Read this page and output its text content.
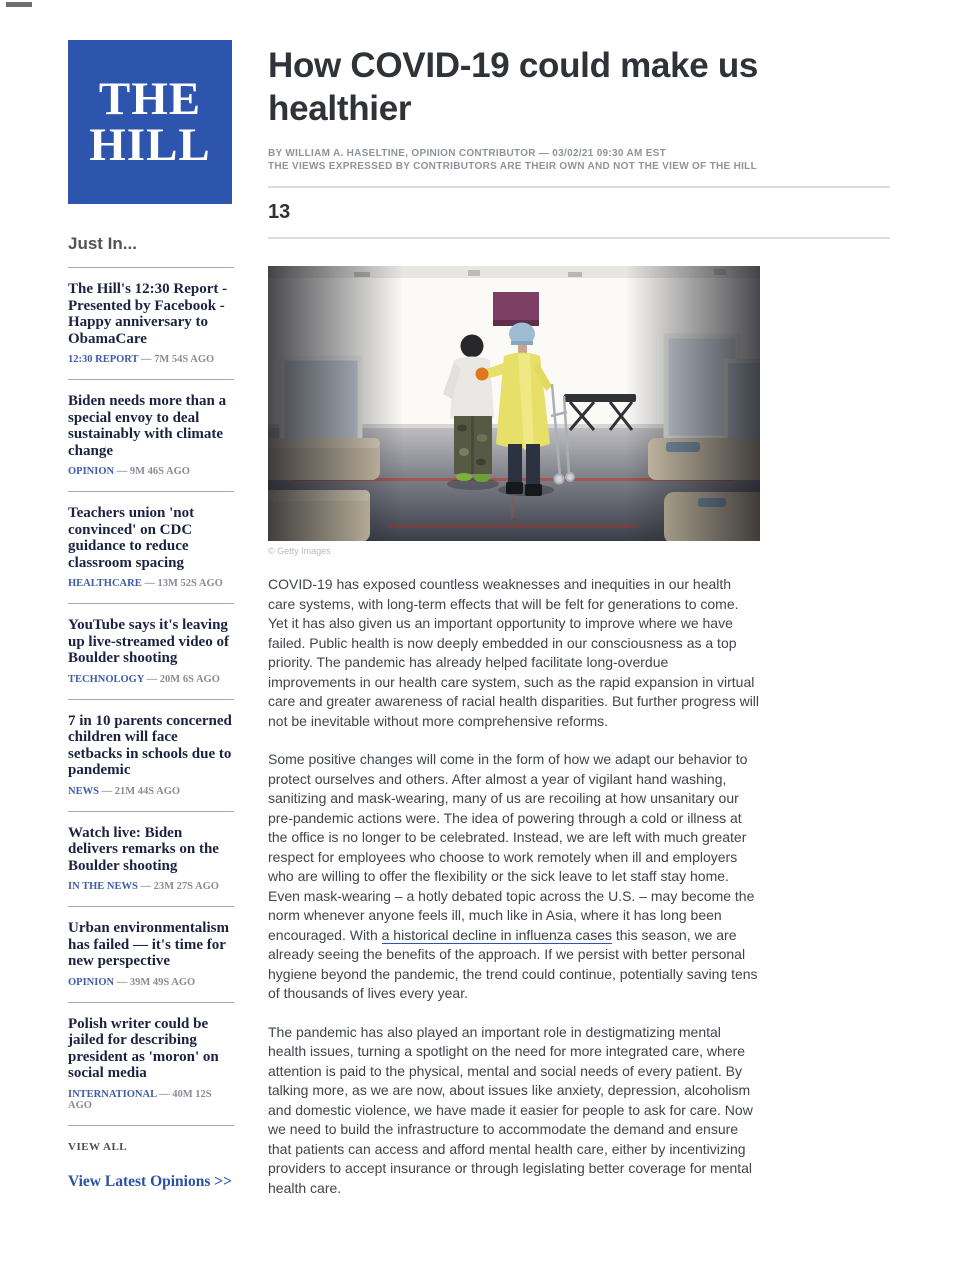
THE
HILL
Just In...
The Hill's 12:30 Report - Presented by Facebook - Happy anniversary to ObamaCare
12:30 REPORT — 7M 54S AGO
Biden needs more than a special envoy to deal sustainably with climate change
OPINION — 9M 46S AGO
Teachers union 'not convinced' on CDC guidance to reduce classroom spacing
HEALTHCARE — 13M 52S AGO
YouTube says it's leaving up live-streamed video of Boulder shooting
TECHNOLOGY — 20M 6S AGO
7 in 10 parents concerned children will face setbacks in schools due to pandemic
NEWS — 21M 44S AGO
Watch live: Biden delivers remarks on the Boulder shooting
IN THE NEWS — 23M 27S AGO
Urban environmentalism has failed — it's time for new perspective
OPINION — 39M 49S AGO
Polish writer could be jailed for describing president as 'moron' on social media
INTERNATIONAL — 40M 12S AGO
VIEW ALL
View Latest Opinions >>
How COVID-19 could make us healthier
BY WILLIAM A. HASELTINE, OPINION CONTRIBUTOR — 03/02/21 09:30 AM EST
THE VIEWS EXPRESSED BY CONTRIBUTORS ARE THEIR OWN AND NOT THE VIEW OF THE HILL
13
© Getty Images

COVID-19 has exposed countless weaknesses and inequities in our health care systems, with long-term effects that will be felt for generations to come. Yet it has also given us an important opportunity to improve where we have failed. Public health is now deeply embedded in our consciousness as a top priority. The pandemic has already helped facilitate long-overdue improvements in our health care system, such as the rapid expansion in virtual care and greater awareness of racial health disparities. But further progress will not be inevitable without more comprehensive reforms.

Some positive changes will come in the form of how we adapt our behavior to protect ourselves and others. After almost a year of vigilant hand washing, sanitizing and mask-wearing, many of us are recoiling at how unsanitary our pre-pandemic actions were. The idea of powering through a cold or illness at the office is no longer to be celebrated. Instead, we are left with much greater respect for employees who choose to work remotely when ill and employers who are willing to offer the flexibility or the sick leave to let staff stay home. Even mask-wearing – a hotly debated topic across the U.S. – may become the norm whenever anyone feels ill, much like in Asia, where it has long been encouraged. With a historical decline in influenza cases this season, we are already seeing the benefits of the approach. If we persist with better personal hygiene beyond the pandemic, the trend could continue, potentially saving tens of thousands of lives every year.

The pandemic has also played an important role in destigmatizing mental health issues, turning a spotlight on the need for more integrated care, where attention is paid to the physical, mental and social needs of every patient. By talking more, as we are now, about issues like anxiety, depression, alcoholism and domestic violence, we have made it easier for people to ask for care. Now we need to build the infrastructure to accommodate the demand and ensure that patients can access and afford mental health care, either by incentivizing providers to accept insurance or through legislating better coverage for mental health care.
